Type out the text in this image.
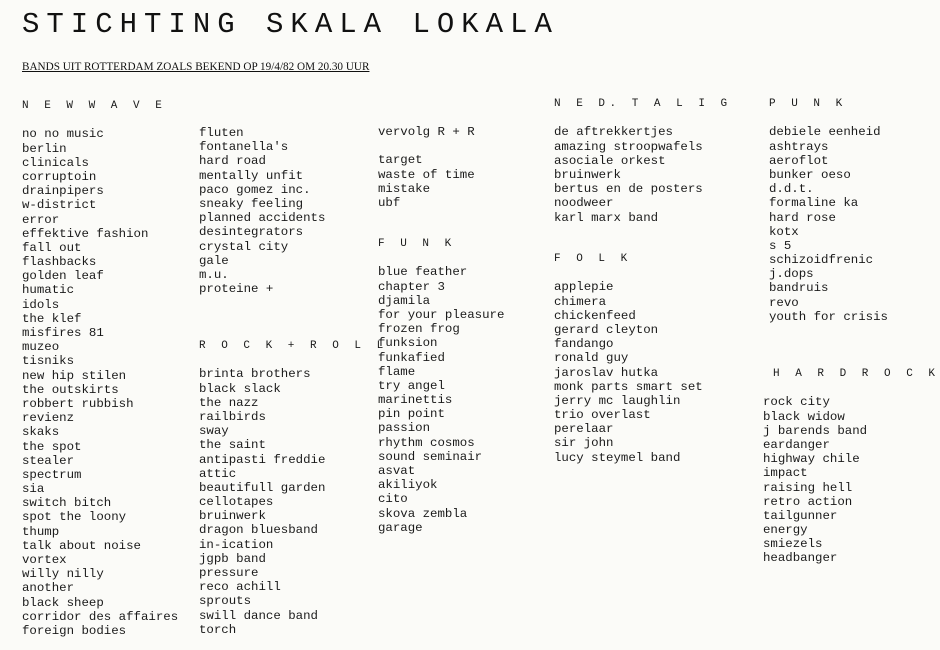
STICHTING SKALA LOKALA
BANDS UIT ROTTERDAM ZOALS BEKEND OP 19/4/82 OM 20.30 UUR
N E W W A V E
no no music
berlin
clinicals
corruptoin
drainpipers
w-district
error
effektive fashion
fall out
flashbacks
golden leaf
humatic
idols
the klef
misfires 81
muzeo
tisniks
new hip stilen
the outskirts
robbert rubbish
revienz
skaks
the spot
stealer
spectrum
sia
switch bitch
spot the loony
thump
talk about noise
vortex
willy nilly
another
black sheep
corridor des affaires
foreign bodies
fluten
fontanella's
hard road
mentally unfit
paco gomez inc.
sneaky feeling
planned accidents
desintegrators
crystal city
gale
m.u.
proteine +
R O C K + R O L L
brinta brothers
black slack
the nazz
railbirds
sway
the saint
antipasti freddie
attic
beautifull garden
cellotapes
bruinwerk
dragon bluesband
in-ication
jgpb band
pressure
reco achill
sprouts
swill dance band
torch
vervolg R + R
target
waste of time
mistake
ubf
F U N K
blue feather
chapter 3
djamila
for your pleasure
frozen frog
funksion
funkafied
flame
try angel
marinettis
pin point
passion
rhythm cosmos
sound seminair
asvat
akiliyok
cito
skova zembla
garage
N E D. T A L I G
de aftrekkertjes
amazing stroopwafels
asociale orkest
bruinwerk
bertus en de posters
noodweer
karl marx band
F O L K
applepie
chimera
chickenfeed
gerard cleyton
fandango
ronald guy
jaroslav hutka
monk parts smart set
jerry mc laughlin
trio overlast
perelaar
sir john
lucy steymel band
P U N K
debiele eenheid
ashtrays
aeroflot
bunker oeso
d.d.t.
formaline ka
hard rose
kotx
s 5
schizoidfrenic
j.dops
bandruis
revo
youth for crisis
H A R D R O C K
rock city
black widow
j barends band
eardanger
highway chile
impact
raising hell
retro action
tailgunner
energy
smiezels
headbanger
